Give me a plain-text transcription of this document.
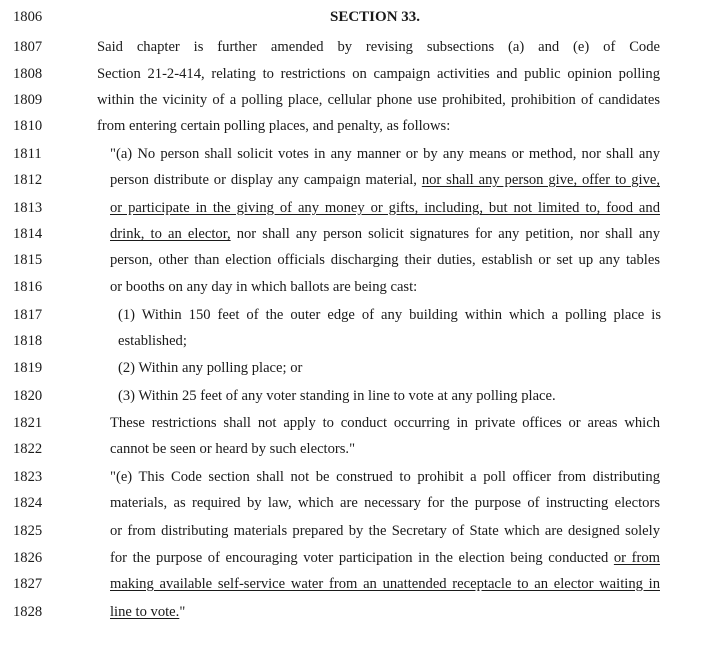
1806	SECTION 33.
1807	Said chapter is further amended by revising subsections (a) and (e) of Code
1808	Section 21-2-414, relating to restrictions on campaign activities and public opinion polling
1809	within the vicinity of a polling place, cellular phone use prohibited, prohibition of candidates
1810	from entering certain polling places, and penalty, as follows:
1811	"(a) No person shall solicit votes in any manner or by any means or method, nor shall any
1812	person distribute or display any campaign material, nor shall any person give, offer to give,
1813	or participate in the giving of any money or gifts, including, but not limited to, food and
1814	drink, to an elector, nor shall any person solicit signatures for any petition, nor shall any
1815	person, other than election officials discharging their duties, establish or set up any tables
1816	or booths on any day in which ballots are being cast:
1817	(1) Within 150 feet of the outer edge of any building within which a polling place is
1818	established;
1819	(2) Within any polling place; or
1820	(3) Within 25 feet of any voter standing in line to vote at any polling place.
1821	These restrictions shall not apply to conduct occurring in private offices or areas which
1822	cannot be seen or heard by such electors."
1823	"(e) This Code section shall not be construed to prohibit a poll officer from distributing
1824	materials, as required by law, which are necessary for the purpose of instructing electors
1825	or from distributing materials prepared by the Secretary of State which are designed solely
1826	for the purpose of encouraging voter participation in the election being conducted or from
1827	making available self-service water from an unattended receptacle to an elector waiting in
1828	line to vote."
